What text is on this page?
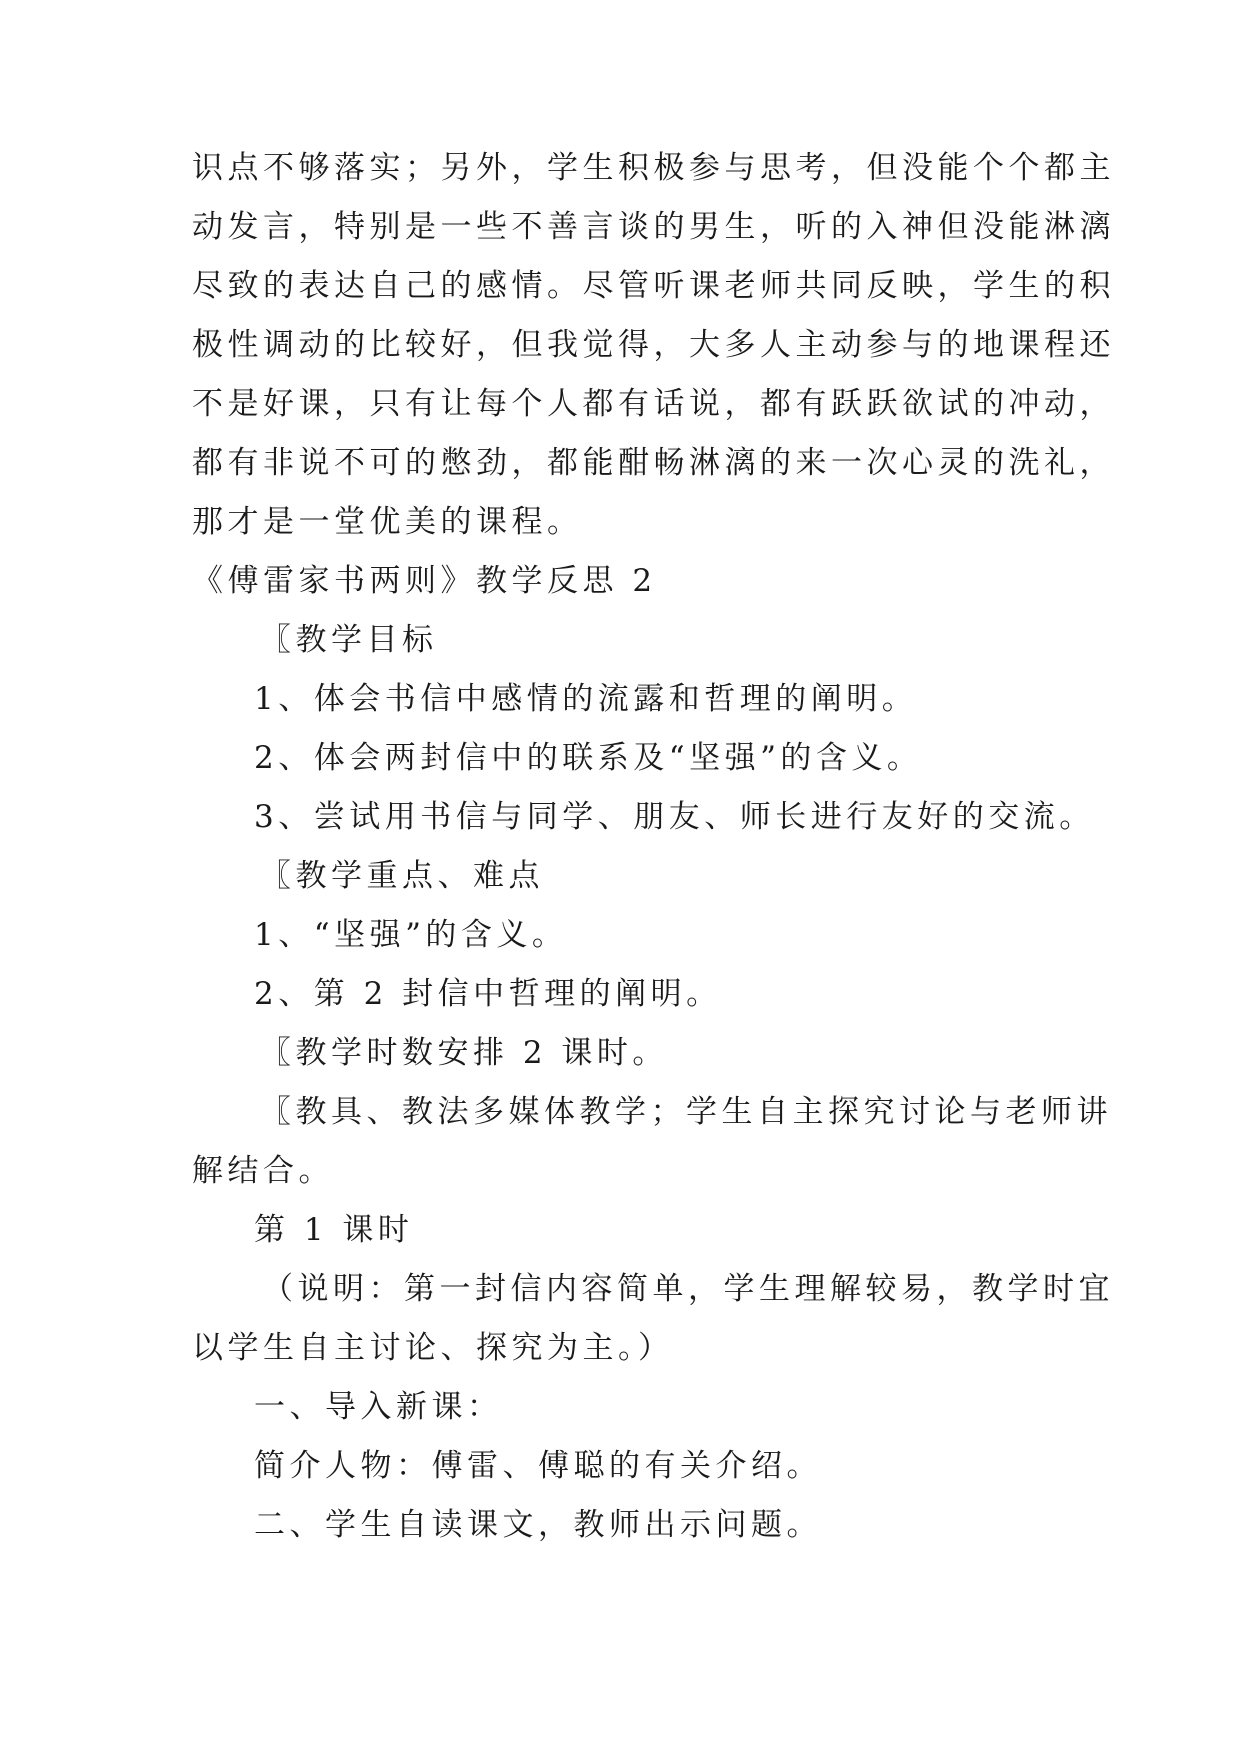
识点不够落实；另外，学生积极参与思考，但没能个个都主
动发言，特别是一些不善言谈的男生，听的入神但没能淋漓
尽致的表达自己的感情。尽管听课老师共同反映，学生的积
极性调动的比较好，但我觉得，大多人主动参与的地课程还
不是好课，只有让每个人都有话说，都有跃跃欲试的冲动，
都有非说不可的憋劲，都能酣畅淋漓的来一次心灵的洗礼，
那才是一堂优美的课程。
《傅雷家书两则》教学反思 2
〖教学目标
1、体会书信中感情的流露和哲理的阐明。
2、体会两封信中的联系及“坚强”的含义。
3、尝试用书信与同学、朋友、师长进行友好的交流。
〖教学重点、难点
1、“坚强”的含义。
2、第 2 封信中哲理的阐明。
〖教学时数安排 2 课时。
〖教具、教法多媒体教学；学生自主探究讨论与老师讲
解结合。
第 1 课时
（说明：第一封信内容简单，学生理解较易，教学时宜
以学生自主讨论、探究为主。）
一、导入新课：
简介人物：傅雷、傅聪的有关介绍。
二、学生自读课文，教师出示问题。
